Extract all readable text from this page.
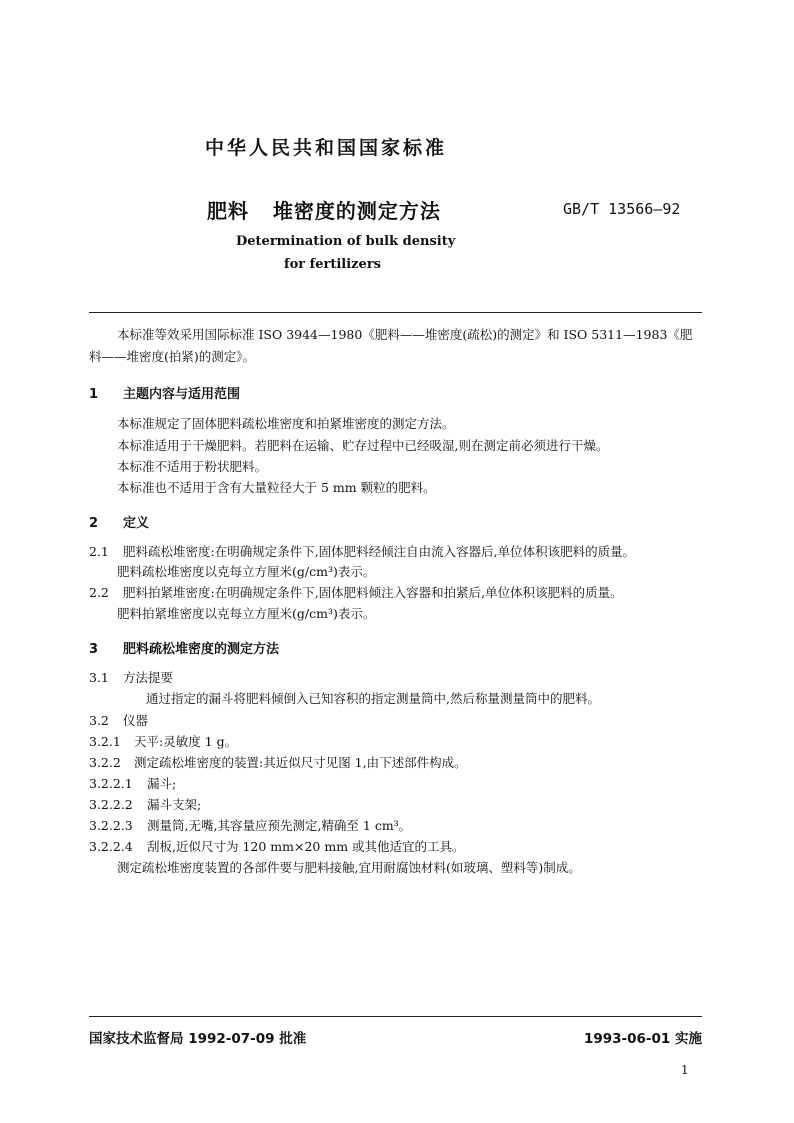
中华人民共和国国家标准
肥料   堆密度的测定方法	GB/T 13566—92
Determination of bulk density
for fertilizers
本标准等效采用国际标准 ISO 3944—1980《肥料——堆密度(疏松)的测定》和 ISO 5311—1983《肥
料——堆密度(拍紧)的测定》。
1 主题内容与适用范围
本标准规定了固体肥料疏松堆密度和拍紧堆密度的测定方法。
本标准适用于干燥肥料。若肥料在运输、贮存过程中已经吸湿,则在测定前必须进行干燥。
本标准不适用于粉状肥料。
本标准也不适用于含有大量粒径大于 5 mm 颗粒的肥料。
2 定义
2.1 肥料疏松堆密度:在明确规定条件下,固体肥料经倾注自由流入容器后,单位体积该肥料的质量。
肥料疏松堆密度以克每立方厘米(g/cm³)表示。
2.2 肥料拍紧堆密度:在明确规定条件下,固体肥料倾注入容器和拍紧后,单位体积该肥料的质量。
肥料拍紧堆密度以克每立方厘米(g/cm³)表示。
3 肥料疏松堆密度的测定方法
3.1 方法提要
通过指定的漏斗将肥料倾倒入已知容积的指定测量筒中,然后称量测量筒中的肥料。
3.2 仪器
3.2.1 天平:灵敏度 1 g。
3.2.2 测定疏松堆密度的装置:其近似尺寸见图 1,由下述部件构成。
3.2.2.1 漏斗;
3.2.2.2 漏斗支架;
3.2.2.3 测量筒,无嘴,其容量应预先测定,精确至 1 cm³。
3.2.2.4 刮板,近似尺寸为 120 mm×20 mm 或其他适宜的工具。
测定疏松堆密度装置的各部件要与肥料接触,宜用耐腐蚀材料(如玻璃、塑料等)制成。
国家技术监督局 1992-07-09 批准	1993-06-01 实施
1
